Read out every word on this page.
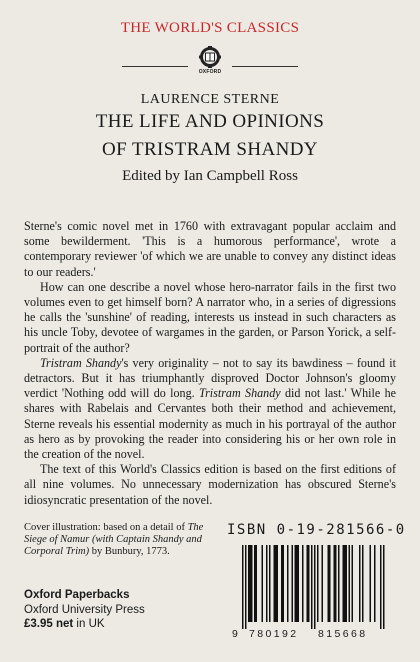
THE WORLD'S CLASSICS
OXFORD
LAURENCE STERNE
THE LIFE AND OPINIONS
OF TRISTRAM SHANDY
Edited by Ian Campbell Ross

Sterne's comic novel met in 1760 with extravagant popular acclaim and some bewilderment. 'This is a humorous performance', wrote a contemporary reviewer 'of which we are unable to convey any distinct ideas to our readers.'

How can one describe a novel whose hero-narrator fails in the first two volumes even to get himself born? A narrator who, in a series of digressions he calls the 'sunshine' of reading, interests us instead in such characters as his uncle Toby, devotee of wargames in the garden, or Parson Yorick, a self-portrait of the author?

Tristram Shandy's very originality – not to say its bawdiness – found it detractors. But it has triumphantly disproved Doctor Johnson's gloomy verdict 'Nothing odd will do long. Tristram Shandy did not last.' While he shares with Rabelais and Cervantes both their method and achievement, Sterne reveals his essential modernity as much in his portrayal of the author as hero as by provoking the reader into considering his or her own role in the creation of the novel.

The text of this World's Classics edition is based on the first editions of all nine volumes. No unnecessary modernization has obscured Sterne's idiosyncratic presentation of the novel.

Cover illustration: based on a detail of The Siege of Namur (with Captain Shandy and Corporal Trim) by Bunbury, 1773.
ISBN 0-19-281566-0
Oxford Paperbacks
Oxford University Press
£3.95 net in UK
9 780192 815668
